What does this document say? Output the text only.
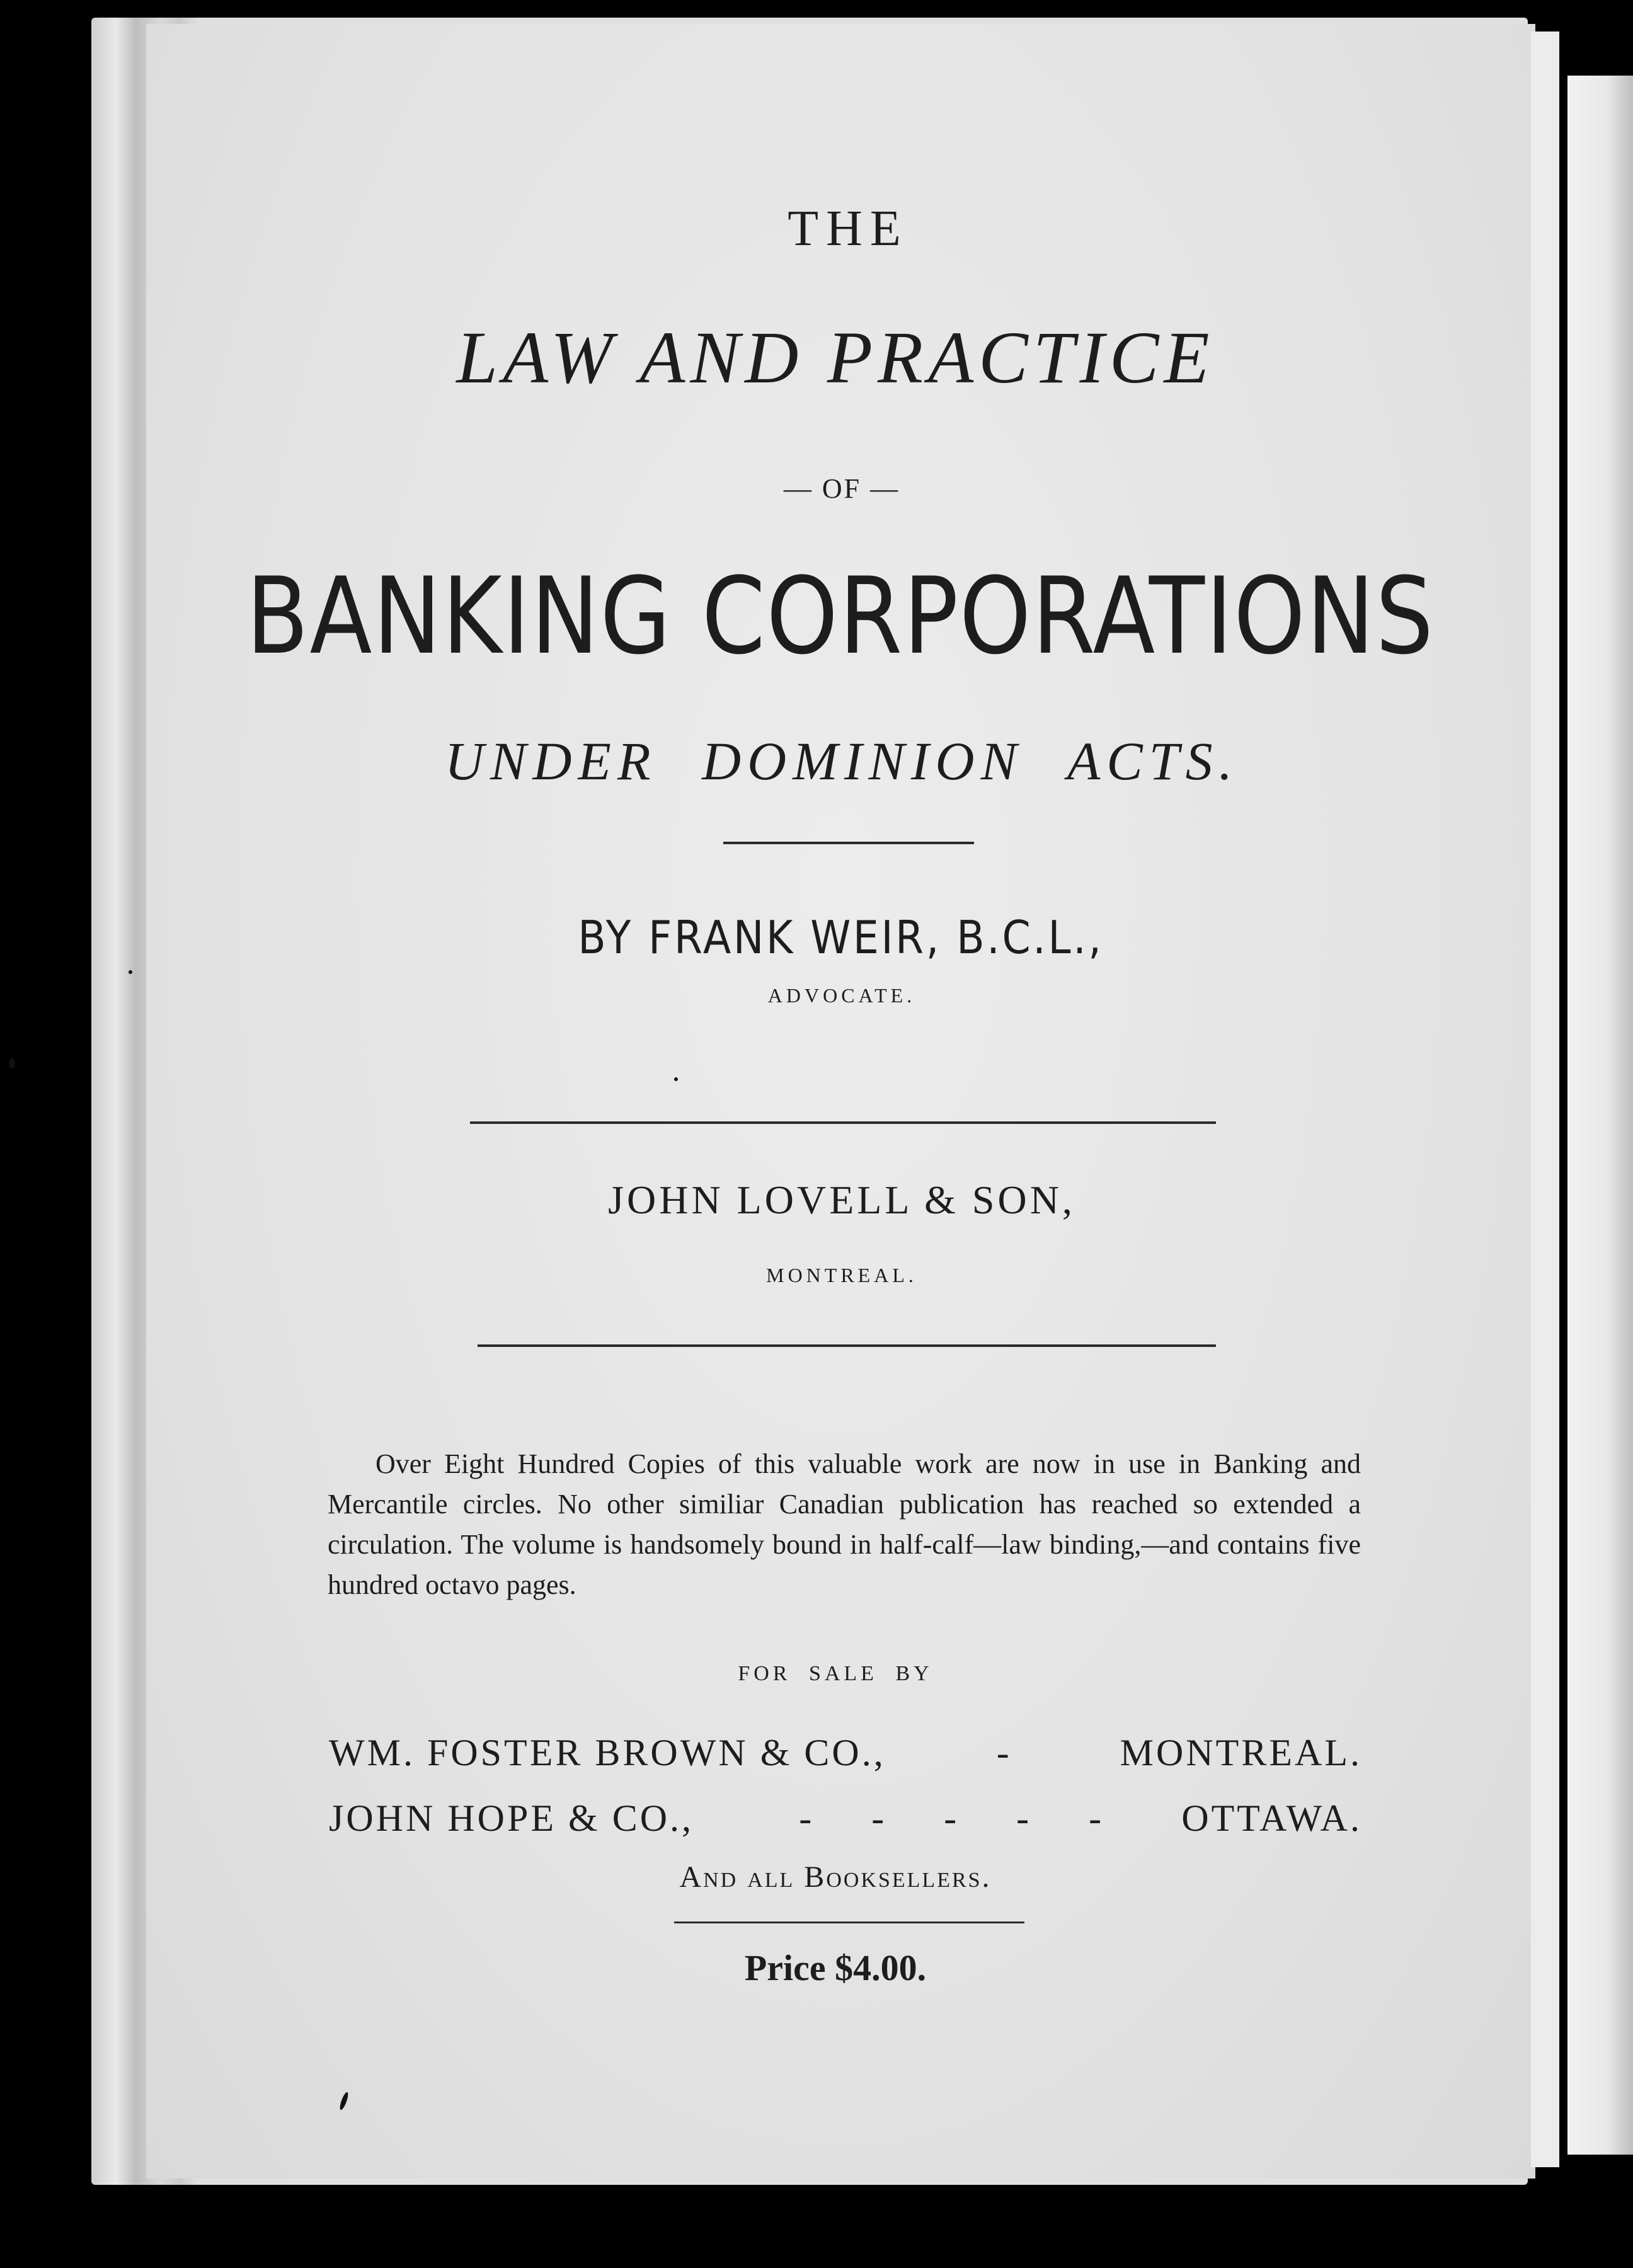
THE
LAW AND PRACTICE
— OF —
BANKING CORPORATIONS
UNDER DOMINION ACTS.
BY FRANK WEIR, B.C.L.,
ADVOCATE.
JOHN LOVELL & SON,
MONTREAL.

Over Eight Hundred Copies of this valuable work are now in use in Banking and Mercantile circles. No other similiar Canadian publication has reached so extended a circulation. The volume is handsomely bound in half-calf—law binding,—and contains five hundred octavo pages.

FOR SALE BY
WM. FOSTER BROWN & CO.,	-	MONTREAL.
JOHN HOPE & CO.,	- - - - - OTTAWA.
And all Booksellers.
Price $4.00.
